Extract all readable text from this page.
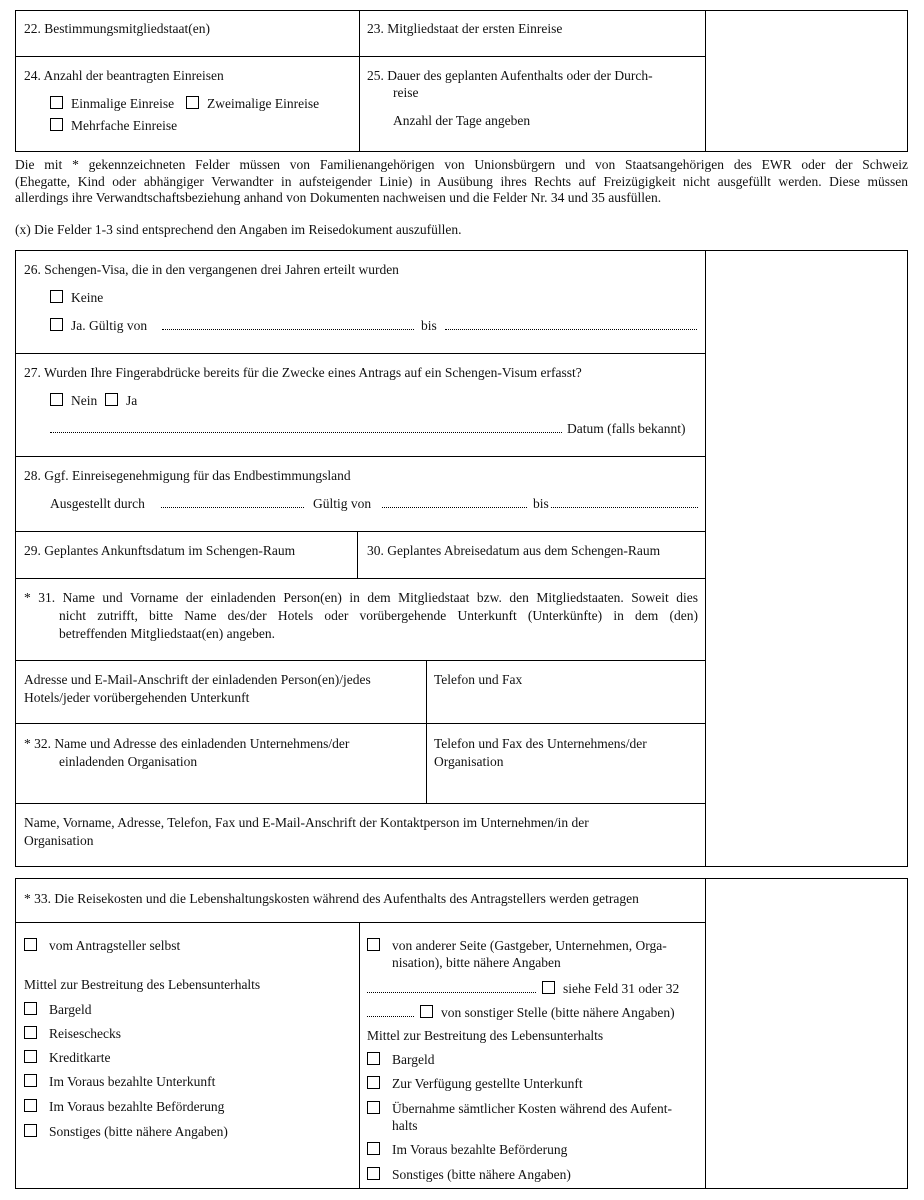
22. Bestimmungsmitgliedstaat(en)	23. Mitgliedstaat der ersten Einreise
24. Anzahl der beantragten Einreisen
Einmalige Einreise	Zweimalige Einreise
Mehrfache Einreise
25. Dauer des geplanten Aufenthalts oder der Durch-
reise
Anzahl der Tage angeben
Die mit * gekennzeichneten Felder müssen von Familienangehörigen von Unionsbürgern und von Staatsangehörigen des EWR oder der Schweiz
(Ehegatte, Kind oder abhängiger Verwandter in aufsteigender Linie) in Ausübung ihres Rechts auf Freizügigkeit nicht ausgefüllt werden. Diese müssen
allerdings ihre Verwandtschaftsbeziehung anhand von Dokumenten nachweisen und die Felder Nr. 34 und 35 ausfüllen.
(x) Die Felder 1-3 sind entsprechend den Angaben im Reisedokument auszufüllen.
26. Schengen-Visa, die in den vergangenen drei Jahren erteilt wurden
Keine
Ja. Gültig von	bis
27. Wurden Ihre Fingerabdrücke bereits für die Zwecke eines Antrags auf ein Schengen-Visum erfasst?
Nein	Ja
Datum (falls bekannt)
28. Ggf. Einreisegenehmigung für das Endbestimmungsland
Ausgestellt durch	Gültig von	bis
29. Geplantes Ankunftsdatum im Schengen-Raum	30. Geplantes Abreisedatum aus dem Schengen-Raum
* 31. Name und Vorname der einladenden Person(en) in dem Mitgliedstaat bzw. den Mitgliedstaaten. Soweit dies
nicht zutrifft, bitte Name des/der Hotels oder vorübergehende Unterkunft (Unterkünfte) in dem (den)
betreffenden Mitgliedstaat(en) angeben.
Adresse und E-Mail-Anschrift der einladenden Person(en)/jedes
Hotels/jeder vorübergehenden Unterkunft
Telefon und Fax
* 32. Name und Adresse des einladenden Unternehmens/der
einladenden Organisation
Telefon und Fax des Unternehmens/der
Organisation
Name, Vorname, Adresse, Telefon, Fax und E-Mail-Anschrift der Kontaktperson im Unternehmen/in der
Organisation
* 33. Die Reisekosten und die Lebenshaltungskosten während des Aufenthalts des Antragstellers werden getragen
vom Antragsteller selbst
Mittel zur Bestreitung des Lebensunterhalts
Bargeld
Reiseschecks
Kreditkarte
Im Voraus bezahlte Unterkunft
Im Voraus bezahlte Beförderung
Sonstiges (bitte nähere Angaben)
von anderer Seite (Gastgeber, Unternehmen, Orga-
nisation), bitte nähere Angaben
siehe Feld 31 oder 32
von sonstiger Stelle (bitte nähere Angaben)
Mittel zur Bestreitung des Lebensunterhalts
Bargeld
Zur Verfügung gestellte Unterkunft
Übernahme sämtlicher Kosten während des Aufent-
halts
Im Voraus bezahlte Beförderung
Sonstiges (bitte nähere Angaben)
